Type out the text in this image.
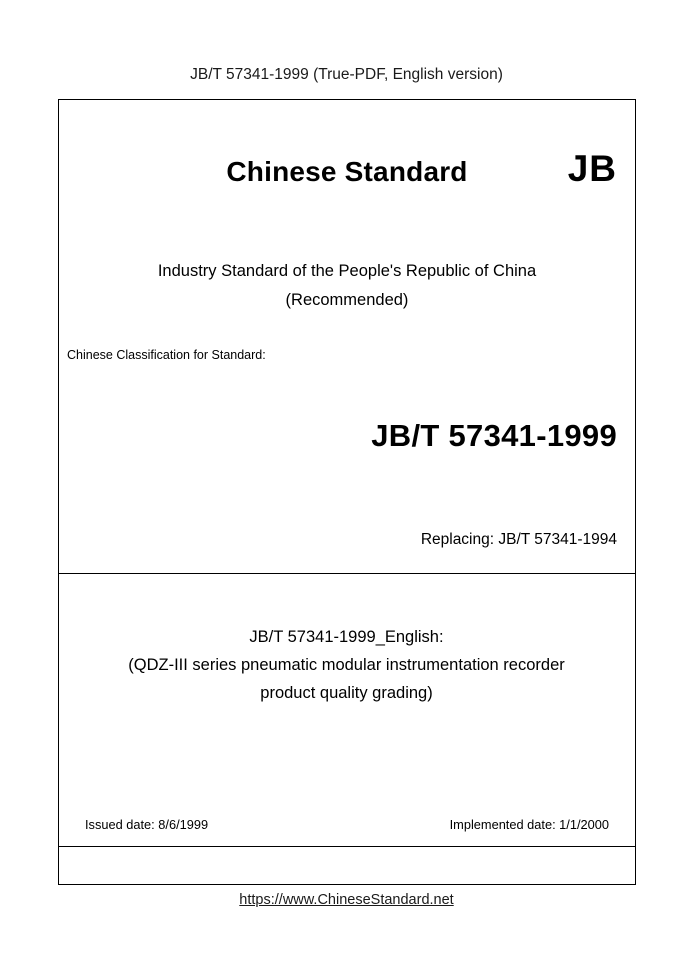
JB/T 57341-1999 (True-PDF, English version)
Chinese Standard	JB
Industry Standard of the People's Republic of China
(Recommended)
Chinese Classification for Standard:
JB/T 57341-1999
Replacing: JB/T 57341-1994
JB/T 57341-1999_English:
(QDZ-III series pneumatic modular instrumentation recorder
product quality grading)
Issued date: 8/6/1999	Implemented date: 1/1/2000
https://www.ChineseStandard.net
